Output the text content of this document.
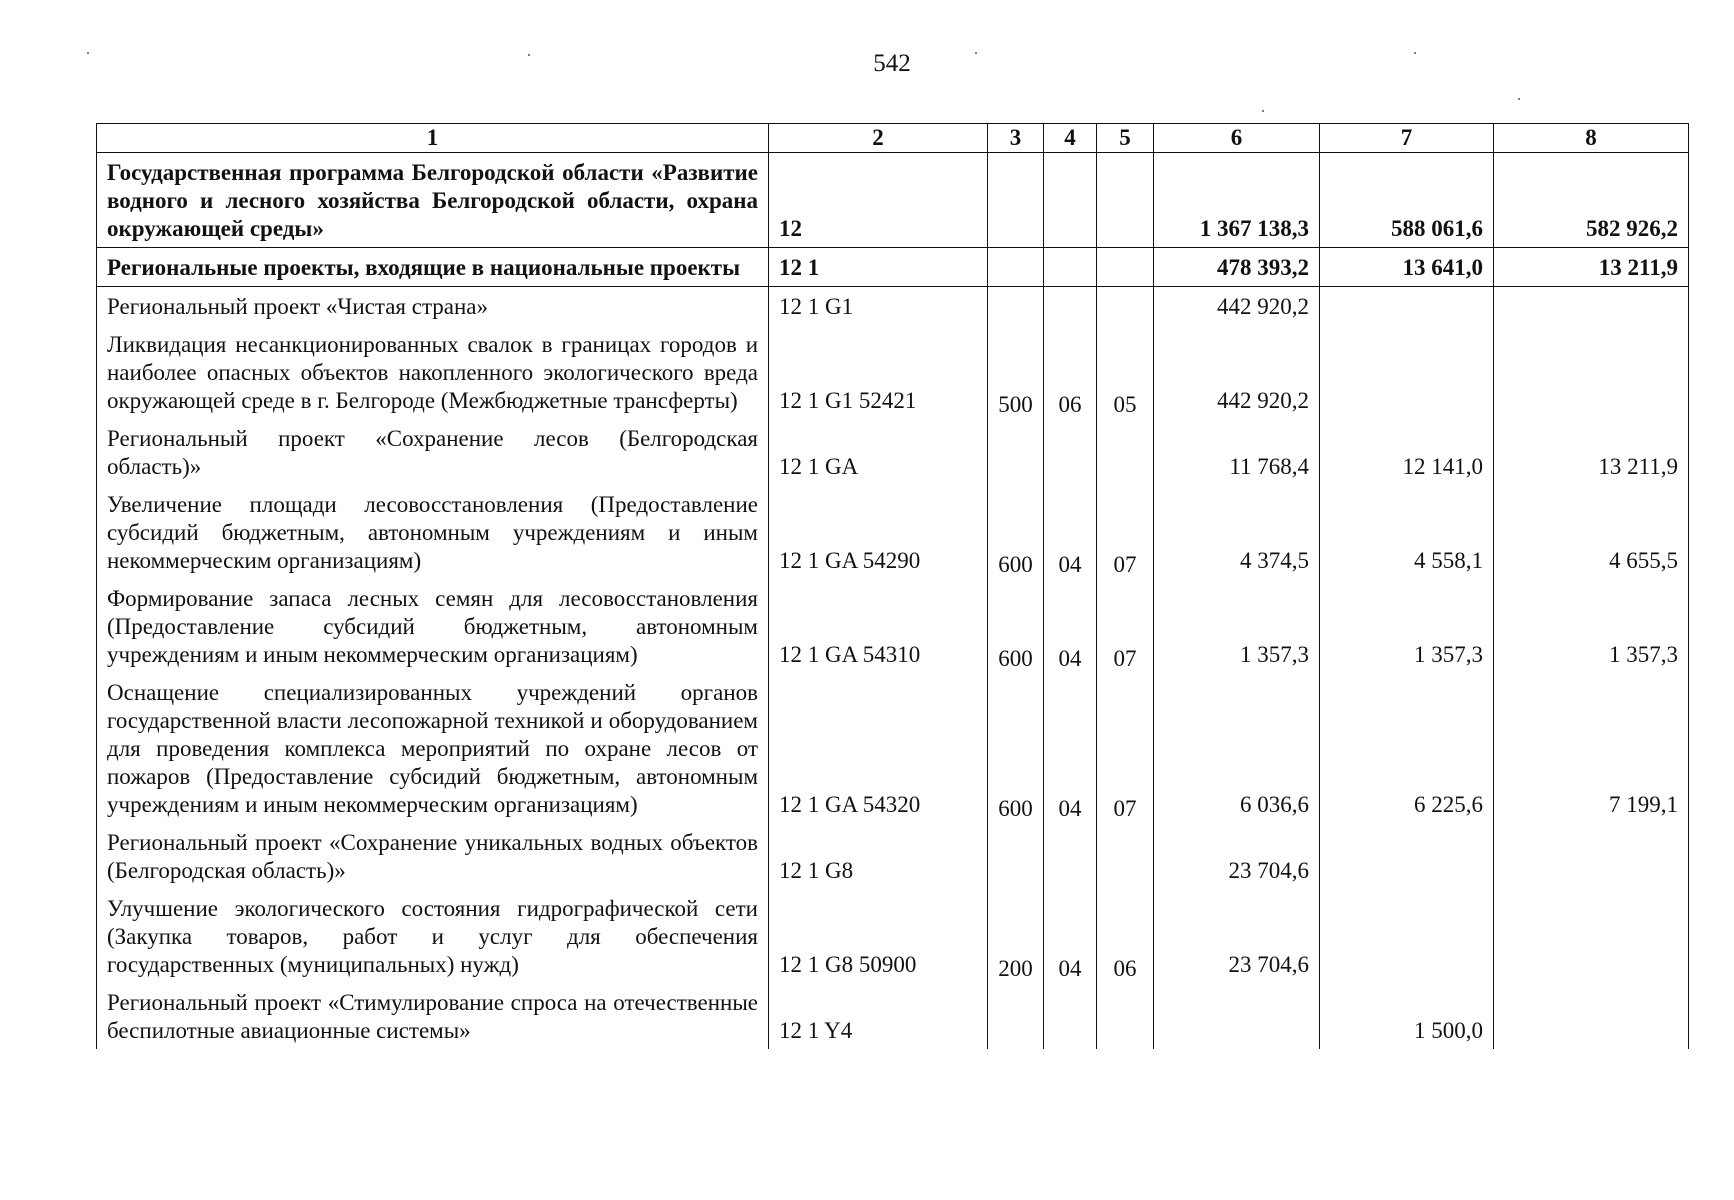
542
1	2	3	4	5	6	7	8
Государственная программа Белгородской области «Развитие водного и лесного хозяйства Белгородской области, охрана окружающей среды»	12				1 367 138,3	588 061,6	582 926,2
Региональные проекты, входящие в национальные проекты	12 1				478 393,2	13 641,0	13 211,9
Региональный проект «Чистая страна»	12 1 G1				442 920,2		
Ликвидация несанкционированных свалок в границах городов и наиболее опасных объектов накопленного экологического вреда окружающей среде в г. Белгороде (Межбюджетные трансферты)	12 1 G1 52421	500	06	05	442 920,2		
Региональный проект «Сохранение лесов (Белгородская область)»	12 1 GA				11 768,4	12 141,0	13 211,9
Увеличение площади лесовосстановления (Предоставление субсидий бюджетным, автономным учреждениям и иным некоммерческим организациям)	12 1 GA 54290	600	04	07	4 374,5	4 558,1	4 655,5
Формирование запаса лесных семян для лесовосстановления (Предоставление субсидий бюджетным, автономным учреждениям и иным некоммерческим организациям)	12 1 GA 54310	600	04	07	1 357,3	1 357,3	1 357,3
Оснащение специализированных учреждений органов государственной власти лесопожарной техникой и оборудованием для проведения комплекса мероприятий по охране лесов от пожаров (Предоставление субсидий бюджетным, автономным учреждениям и иным некоммерческим организациям)	12 1 GA 54320	600	04	07	6 036,6	6 225,6	7 199,1
Региональный проект «Сохранение уникальных водных объектов (Белгородская область)»	12 1 G8				23 704,6		
Улучшение экологического состояния гидрографической сети (Закупка товаров, работ и услуг для обеспечения государственных (муниципальных) нужд)	12 1 G8 50900	200	04	06	23 704,6		
Региональный проект «Стимулирование спроса на отечественные беспилотные авиационные системы»	12 1 Y4					1 500,0	
